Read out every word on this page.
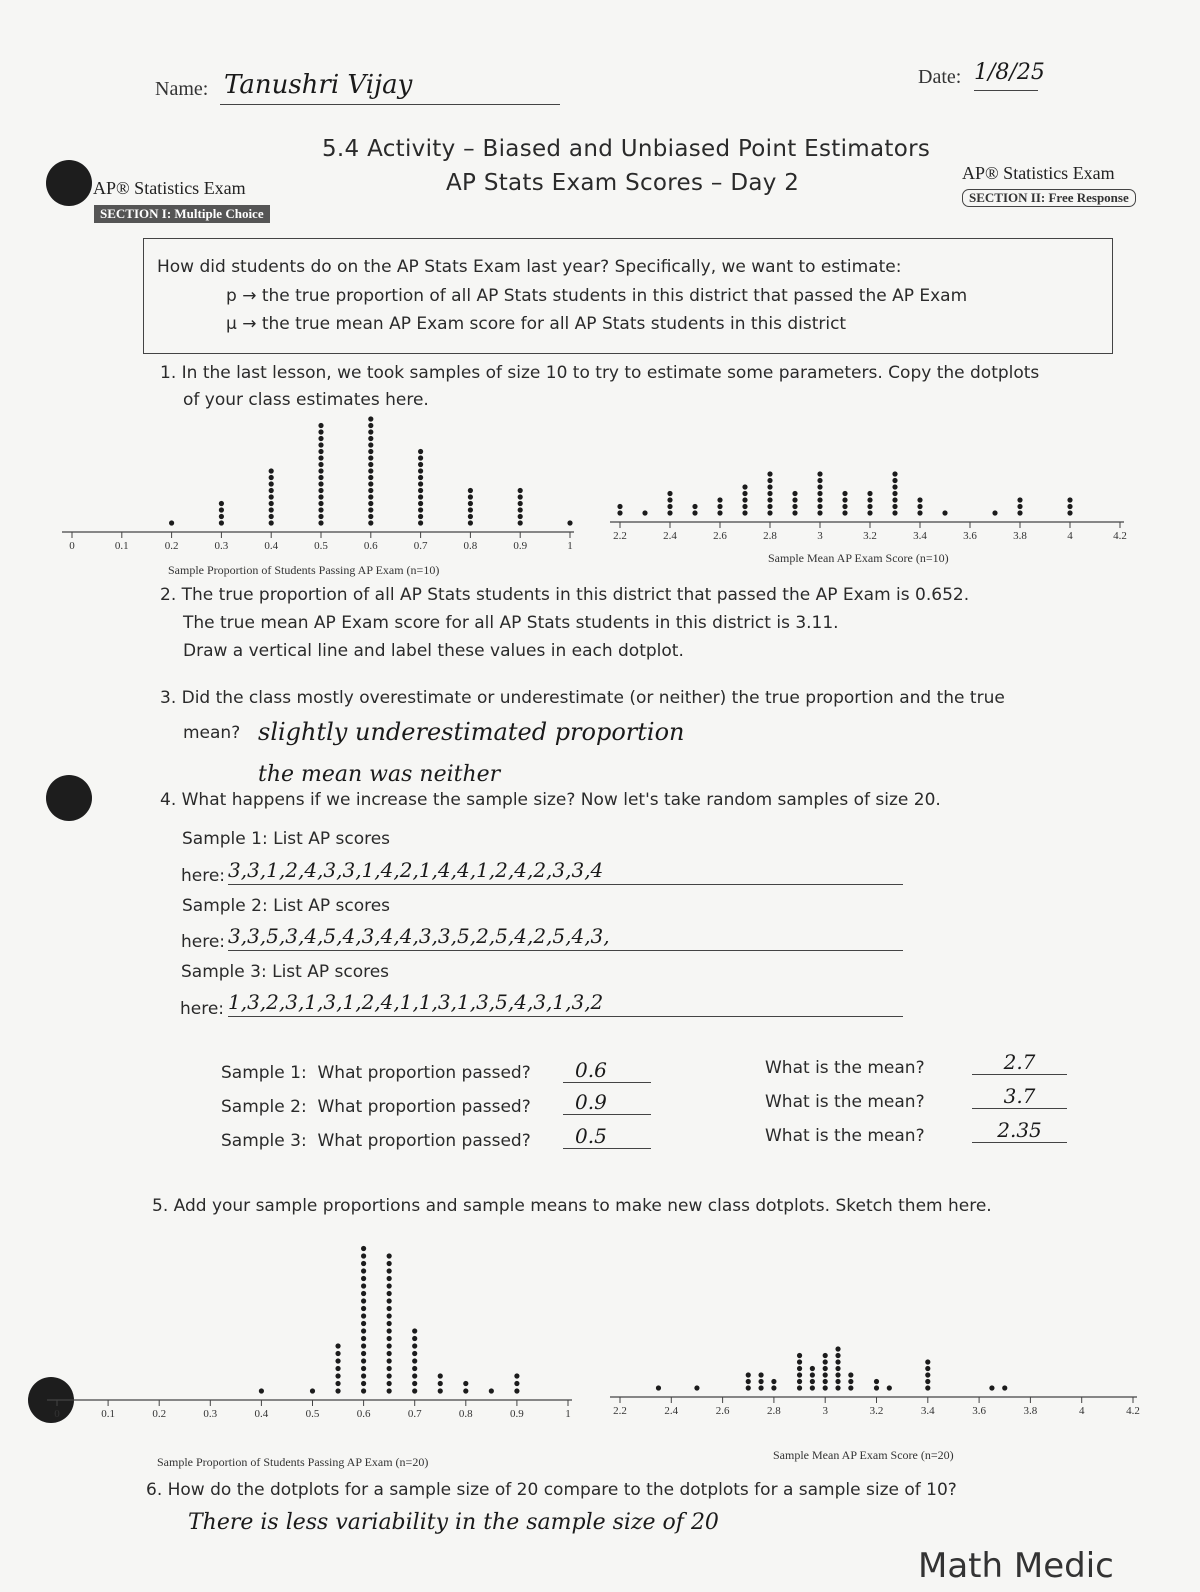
Name: Tanushri Vijay	Date: 1/8/25
5.4 Activity – Biased and Unbiased Point Estimators
AP Stats Exam Scores – Day 2
AP® Statistics Exam
SECTION I: Multiple Choice
AP® Statistics Exam
SECTION II: Free Response
How did students do on the AP Stats Exam last year? Specifically, we want to estimate:
p → the true proportion of all AP Stats students in this district that passed the AP Exam
μ → the true mean AP Exam score for all AP Stats students in this district
1. In the last lesson, we took samples of size 10 to try to estimate some parameters. Copy the dotplots
of your class estimates here.
Sample Proportion of Students Passing AP Exam (n=10)
Sample Mean AP Exam Score (n=10)
2. The true proportion of all AP Stats students in this district that passed the AP Exam is 0.652.
The true mean AP Exam score for all AP Stats students in this district is 3.11.
Draw a vertical line and label these values in each dotplot.
3. Did the class mostly overestimate or underestimate (or neither) the true proportion and the true
mean? slightly underestimated proportion
the mean was neither
4. What happens if we increase the sample size? Now let's take random samples of size 20.
Sample 1: List AP scores
here: 3,3,1,2,4,3,3,1,4,2,1,4,4,1,2,4,2,3,3,4
Sample 2: List AP scores
here: 3,3,5,3,4,5,4,3,4,4,3,3,5,2,5,4,2,5,4,3,
Sample 3: List AP scores
here: 1,3,2,3,1,3,1,2,4,1,1,3,1,3,5,4,3,1,3,2
Sample 1:  What proportion passed?	0.6	What is the mean?	2.7
Sample 2:  What proportion passed?	0.9	What is the mean?	3.7
Sample 3:  What proportion passed?	0.5	What is the mean?	2.35
5. Add your sample proportions and sample means to make new class dotplots. Sketch them here.
Sample Proportion of Students Passing AP Exam (n=20)	Sample Mean AP Exam Score (n=20)
6. How do the dotplots for a sample size of 20 compare to the dotplots for a sample size of 10?
There is less variability in the sample size of 20
Math Medic
0	0.1	0.2	0.3	0.4	0.5	0.6	0.7	0.8	0.9	1
2.2	2.4	2.6	2.8	3	3.2	3.4	3.6	3.8	4	4.2
0	0.1	0.2	0.3	0.4	0.5	0.6	0.7	0.8	0.9	1	2.2	2.4	2.6	2.8	3	3.2	3.4	3.6	3.8	4	4.2
